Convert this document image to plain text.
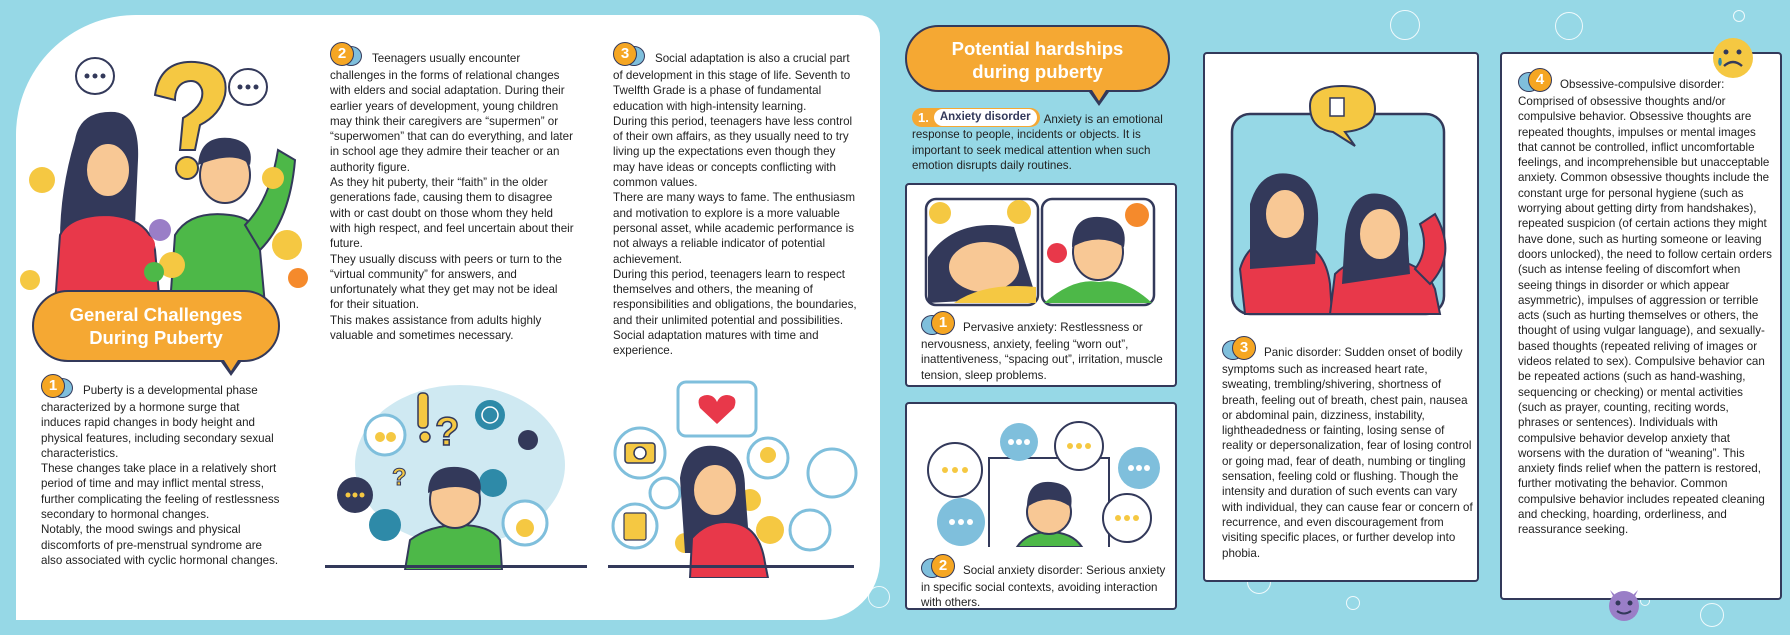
General Challenges
During Puberty

1	Puberty is a developmental phase characterized by a hormone surge that induces rapid changes in body height and physical features, including secondary sexual characteristics.

These changes take place in a relatively short period of time and may inflict mental stress, further complicating the feeling of restlessness secondary to hormonal changes.

Notably, the mood swings and physical discomforts of pre-menstrual syndrome are also associated with cyclic hormonal changes.

2	Teenagers usually encounter challenges in the forms of relational changes with elders and social adaptation. During their earlier years of development, young children may think their caregivers are “supermen” or “superwomen” that can do everything, and later in school age they admire their teacher or an authority figure.

As they hit puberty, their “faith” in the older generations fade, causing them to disagree with or cast doubt on those whom they held with high respect, and feel uncertain about their future.

They usually discuss with peers or turn to the “virtual community” for answers, and unfortunately what they get may not be ideal for their situation.

This makes assistance from adults highly valuable and sometimes necessary.

3	Social adaptation is also a crucial part of development in this stage of life. Seventh to Twelfth Grade is a phase of fundamental education with high-intensity learning.

During this period, teenagers have less control of their own affairs, as they usually need to try living up the expectations even though they may have ideas or concepts conflicting with common values.

There are many ways to fame. The enthusiasm and motivation to explore is a more valuable personal asset, while academic performance is not always a reliable indicator of potential achievement.

During this period, teenagers learn to respect themselves and others, the meaning of responsibilities and obligations, the boundaries, and their unlimited potential and possibilities.

Social adaptation matures with time and experience.

?
?
Potential hardships
during puberty
1. Anxiety disorder	Anxiety is an emotional response to people, incidents or objects. It is important to seek medical attention when such emotion disrupts daily routines.
1	Pervasive anxiety: Restlessness or nervousness, anxiety, feeling “worn out”, inattentiveness, “spacing out”, irritation, muscle tension, sleep problems.
2	Social anxiety disorder: Serious anxiety in specific social contexts, avoiding interaction with others.
3	Panic disorder: Sudden onset of bodily symptoms such as increased heart rate, sweating, trembling/shivering, shortness of breath, feeling out of breath, chest pain, nausea or abdominal pain, dizziness, instability, lightheadedness or fainting, losing sense of reality or depersonalization, fear of losing control or going mad, fear of death, numbing or tingling sensation, feeling cold or flushing. Though the intensity and duration of such events can vary with individual, they can cause fear or concern of recurrence, and even discouragement from visiting specific places, or further develop into phobia.
4	Obsessive-compulsive disorder: Comprised of obsessive thoughts and/or compulsive behavior. Obsessive thoughts are repeated thoughts, impulses or mental images that cannot be controlled, inflict uncomfortable feelings, and incomprehensible but unacceptable anxiety. Common obsessive thoughts include the constant urge for personal hygiene (such as worrying about getting dirty from handshakes), repeated suspicion (of certain actions they might have done, such as hurting someone or leaving doors unlocked), the need to follow certain orders (such as intense feeling of discomfort when seeing things in disorder or which appear asymmetric), impulses of aggression or terrible acts (such as hurting themselves or others, the thought of using vulgar language), and sexually-based thoughts (repeated reliving of images or videos related to sex). Compulsive behavior can be repeated actions (such as hand-washing, sequencing or checking) or mental activities (such as prayer, counting, reciting words, phrases or sentences). Individuals with compulsive behavior develop anxiety that worsens with the duration of “weaning”. This anxiety finds relief when the pattern is restored, further motivating the behavior. Common compulsive behavior includes repeated cleaning and checking, hoarding, orderliness, and reassurance seeking.
